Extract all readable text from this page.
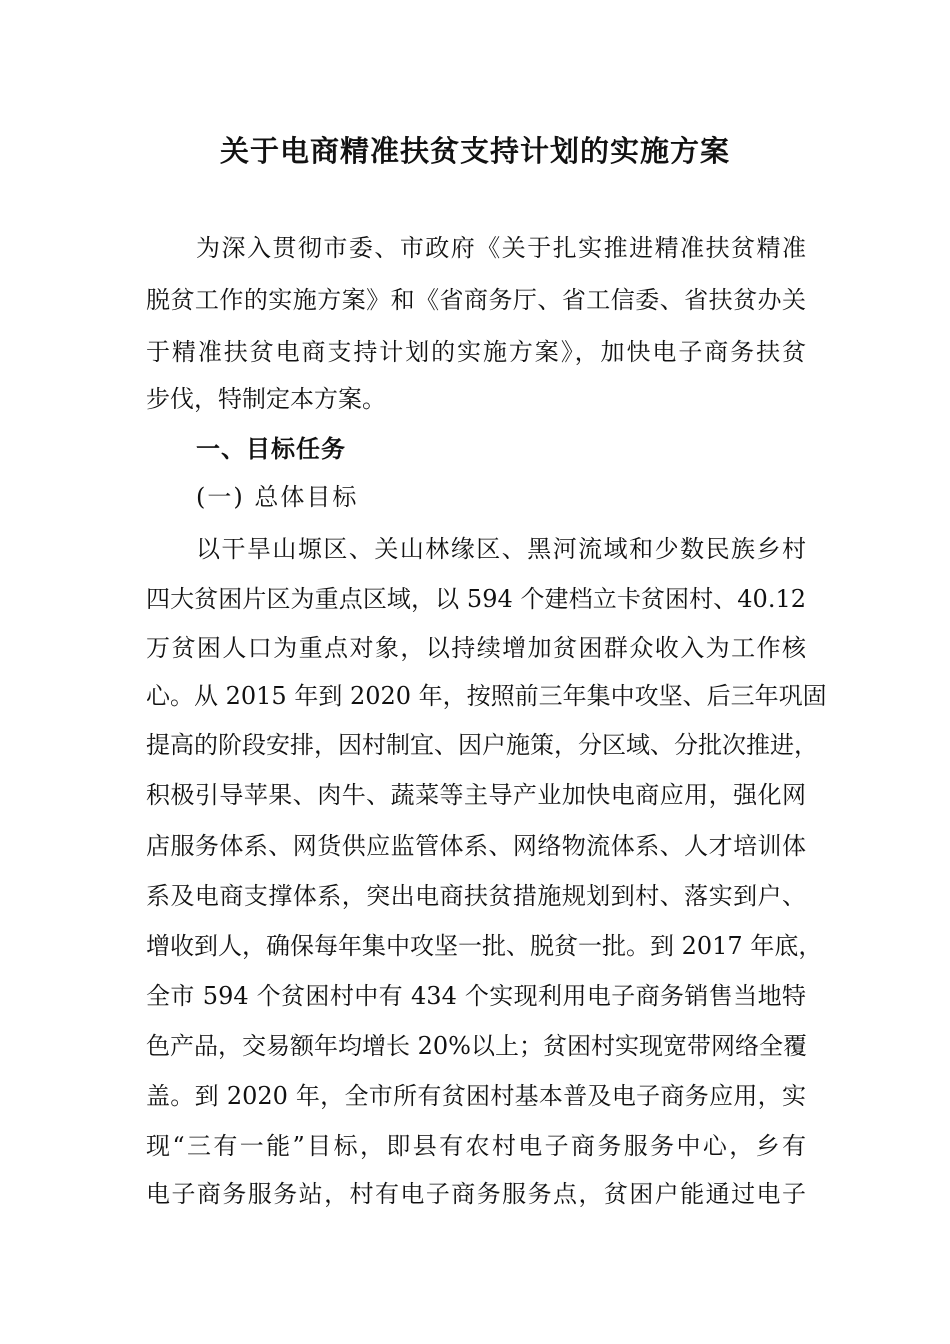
关于电商精准扶贫支持计划的实施方案
为深入贯彻市委、市政府《关于扎实推进精准扶贫精准
脱贫工作的实施方案》和《省商务厅、省工信委、省扶贫办关
于精准扶贫电商支持计划的实施方案》，加快电子商务扶贫
步伐，特制定本方案。
一、目标任务
(一) 总体目标
以干旱山塬区、关山林缘区、黑河流域和少数民族乡村
四大贫困片区为重点区域，以 594 个建档立卡贫困村、40.12
万贫困人口为重点对象，以持续增加贫困群众收入为工作核
心。从 2015 年到 2020 年，按照前三年集中攻坚、后三年巩固
提高的阶段安排，因村制宜、因户施策，分区域、分批次推进，
积极引导苹果、肉牛、蔬菜等主导产业加快电商应用，强化网
店服务体系、网货供应监管体系、网络物流体系、人才培训体
系及电商支撑体系，突出电商扶贫措施规划到村、落实到户、
增收到人，确保每年集中攻坚一批、脱贫一批。到 2017 年底，
全市 594 个贫困村中有 434 个实现利用电子商务销售当地特
色产品，交易额年均增长 20%以上；贫困村实现宽带网络全覆
盖。到 2020 年，全市所有贫困村基本普及电子商务应用，实
现“三有一能”目标，即县有农村电子商务服务中心，乡有
电子商务服务站，村有电子商务服务点，贫困户能通过电子
